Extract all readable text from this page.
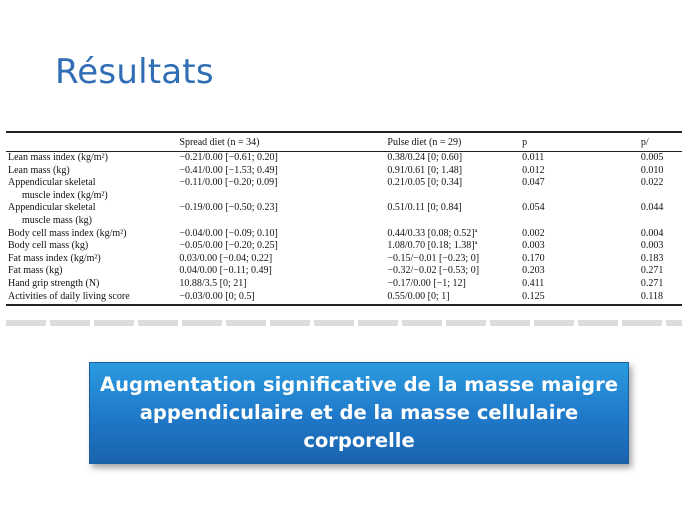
Résultats
	Spread diet (n = 34)	Pulse diet (n = 29)	p	p/
Lean mass index (kg/m²)	−0.21/0.00 [−0.61; 0.20]	0.38/0.24 [0; 0.60]	0.011	0.005
Lean mass (kg)	−0.41/0.00 [−1.53; 0.49]	0.91/0.61 [0; 1.48]	0.012	0.010
Appendicular skeletal
muscle index (kg/m²)	−0.11/0.00 [−0.20; 0.09]	0.21/0.05 [0; 0.34]	0.047	0.022
Appendicular skeletal
muscle mass (kg)	−0.19/0.00 [−0.50; 0.23]	0.51/0.11 [0; 0.84]	0.054	0.044
Body cell mass index (kg/m²)	−0.04/0.00 [−0.09; 0.10]	0.44/0.33 [0.08; 0.52]ª	0.002	0.004
Body cell mass (kg)	−0.05/0.00 [−0.20; 0.25]	1.08/0.70 [0.18; 1.38]ª	0.003	0.003
Fat mass index (kg/m²)	0.03/0.00 [−0.04; 0.22]	−0.15/−0.01 [−0.23; 0]	0.170	0.183
Fat mass (kg)	0.04/0.00 [−0.11; 0.49]	−0.32/−0.02 [−0.53; 0]	0.203	0.271
Hand grip strength (N)	10.88/3.5 [0; 21]	−0.17/0.00 [−1; 12]	0.411	0.271
Activities of daily living score	−0.03/0.00 [0; 0.5]	0.55/0.00 [0; 1]	0.125	0.118
Augmentation significative de la masse maigre appendiculaire et de la masse cellulaire corporelle
